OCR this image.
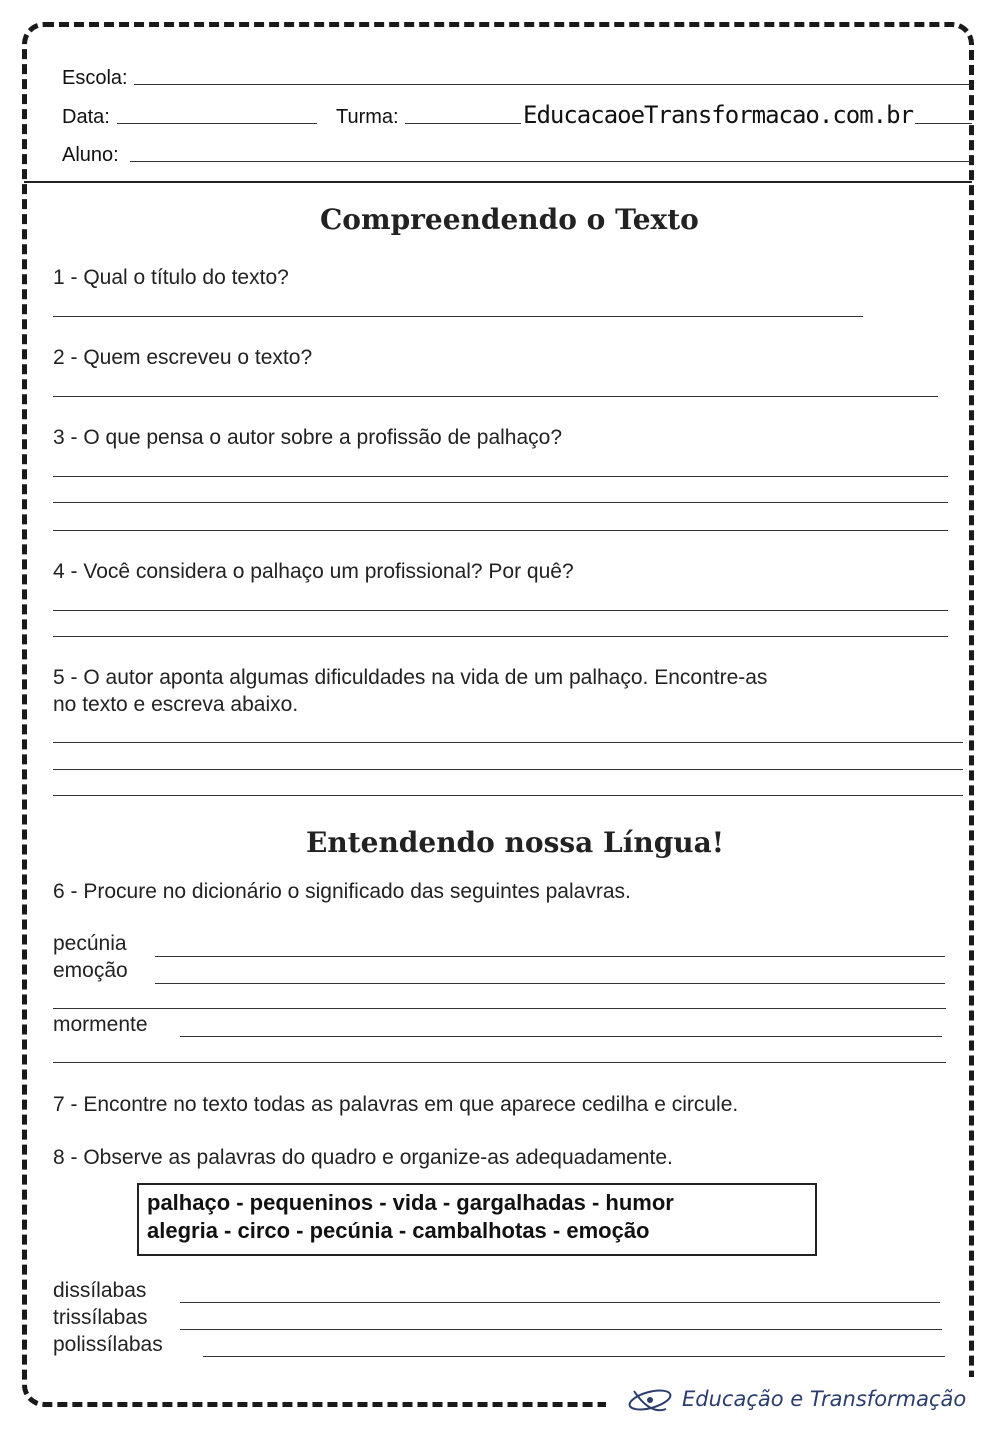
Escola:
Data:	Turma:	EducacaoeTransformacao.com.br
Aluno:
Compreendendo o Texto
1 - Qual o título do texto?
2 - Quem escreveu o texto?
3 - O que pensa o autor sobre a profissão de palhaço?
4 - Você considera o palhaço um profissional? Por quê?
5 - O autor aponta algumas dificuldades na vida de um palhaço. Encontre-as
no texto e escreva abaixo.
Entendendo nossa Língua!
6 - Procure no dicionário o significado das seguintes palavras.
pecúnia
emoção
mormente
7 - Encontre no texto todas as palavras em que aparece cedilha e circule.
8 - Observe as palavras do quadro e organize-as adequadamente.
palhaço - pequeninos - vida - gargalhadas - humor
alegria - circo - pecúnia - cambalhotas - emoção
dissílabas
trissílabas
polissílabas
Educação e Transformação
